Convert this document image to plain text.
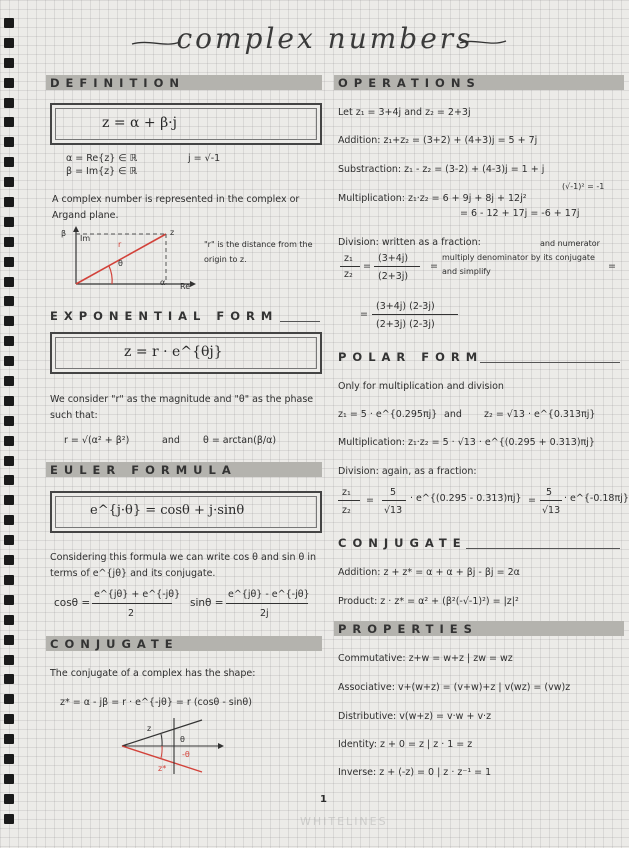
WHITELINES
complex numbers
DEFINITION
z = α + β·j
α = Re{z} ∈ ℝ
β = Im{z} ∈ ℝ
j = √-1
A complex number is represented in the complex or Argand plane.
β
Im
z
r
θ
α Re
"r" is the distance from the origin to z.
EXPONENTIAL FORM
z = r · e^{θj}
We consider "r" as the magnitude and "θ" as the phase such that:
r = √(α² + β²)	and θ = arctan(β/α)
EULER FORMULA
e^{j·θ} = cosθ + j·sinθ
Considering this formula we can write cos θ and sin θ in terms of e^{jθ} and its conjugate.
cosθ =
e^{jθ} + e^{-jθ}
2
sinθ =
e^{jθ} - e^{-jθ}
2j
CONJUGATE
The conjugate of a complex has the shape:
z* = α - jβ = r · e^{-jθ} = r (cosθ - sinθ)
z
z*
θ
-θ
OPERATIONS
Let z₁ = 3+4j and z₂ = 2+3j
Addition: z₁+z₂ = (3+2) + (4+3)j = 5 + 7j
Substraction: z₁ - z₂ = (3-2) + (4-3)j = 1 + j
(√-1)² = -1
Multiplication: z₁·z₂ = 6 + 9j + 8j + 12j²
= 6 - 12 + 17j = -6 + 17j
Division: written as a fraction:	and numerator
z₁
z₂
=
(3+4j)
(2+3j)
=
multiply denominator by its conjugate and simplify	=
=
(3+4j) (2-3j)
(2+3j) (2-3j)
POLAR FORM
Only for multiplication and division
z₁ = 5 · e^{0.295πj} and z₂ = √13 · e^{0.313πj}
Multiplication: z₁·z₂ = 5 · √13 · e^{(0.295 + 0.313)πj}
Division: again, as a fraction:
z₁
z₂
=
5
√13
· e^{(0.295 - 0.313)πj} =
5
√13
· e^{-0.18πj}
CONJUGATE
Addition: z + z* = α + α + βj - βj = 2α
Product: z · z* = α² + (β²(-√-1)²) = |z|²
PROPERTIES
Commutative: z+w = w+z | zw = wz
Associative: v+(w+z) = (v+w)+z | v(wz) = (vw)z
Distributive: v(w+z) = v·w + v·z
Identity: z + 0 = z | z · 1 = z
Inverse: z + (-z) = 0 | z · z⁻¹ = 1
1
